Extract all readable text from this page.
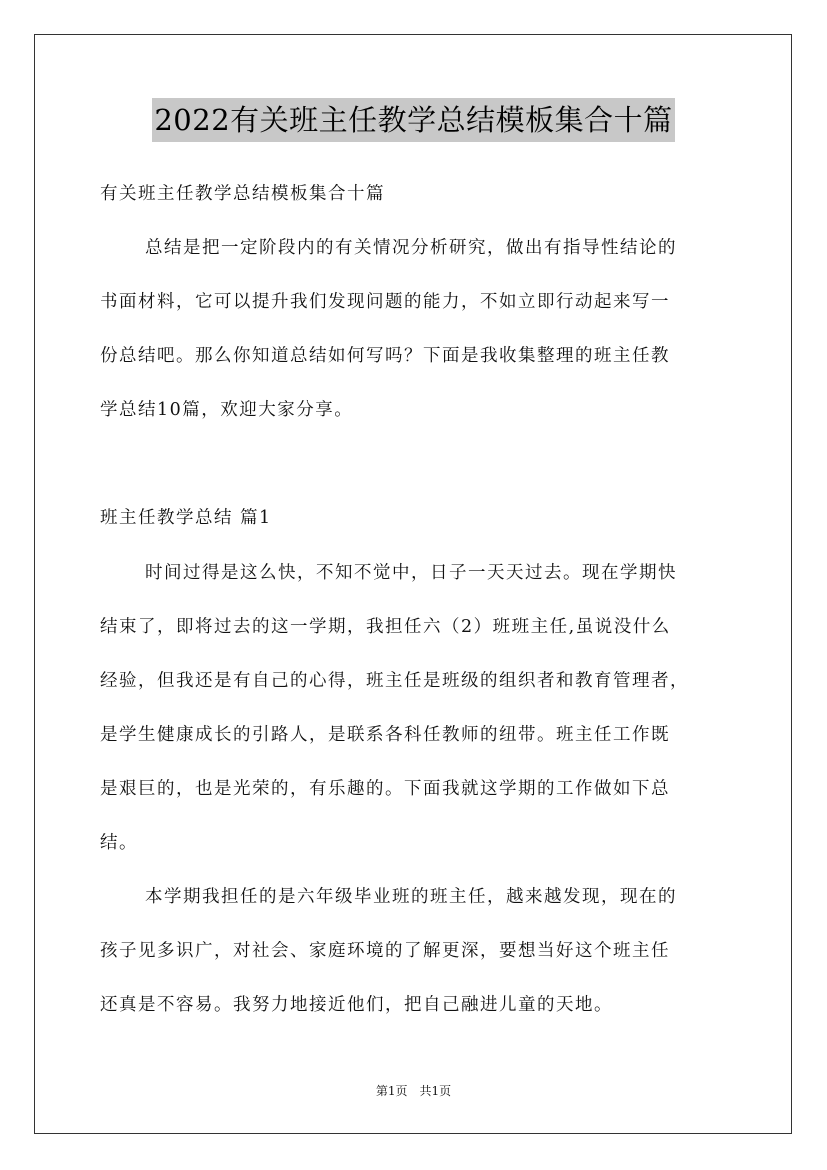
2022有关班主任教学总结模板集合十篇
有关班主任教学总结模板集合十篇
总结是把一定阶段内的有关情况分析研究，做出有指导性结论的
书面材料，它可以提升我们发现问题的能力，不如立即行动起来写一
份总结吧。那么你知道总结如何写吗？下面是我收集整理的班主任教
学总结10篇，欢迎大家分享。
班主任教学总结 篇1
时间过得是这么快，不知不觉中，日子一天天过去。现在学期快
结束了，即将过去的这一学期，我担任六（2）班班主任,虽说没什么
经验，但我还是有自己的心得，班主任是班级的组织者和教育管理者，
是学生健康成长的引路人，是联系各科任教师的纽带。班主任工作既
是艰巨的，也是光荣的，有乐趣的。下面我就这学期的工作做如下总
结。
本学期我担任的是六年级毕业班的班主任，越来越发现，现在的
孩子见多识广，对社会、家庭环境的了解更深，要想当好这个班主任
还真是不容易。我努力地接近他们，把自己融进儿童的天地。
第1页　共1页
